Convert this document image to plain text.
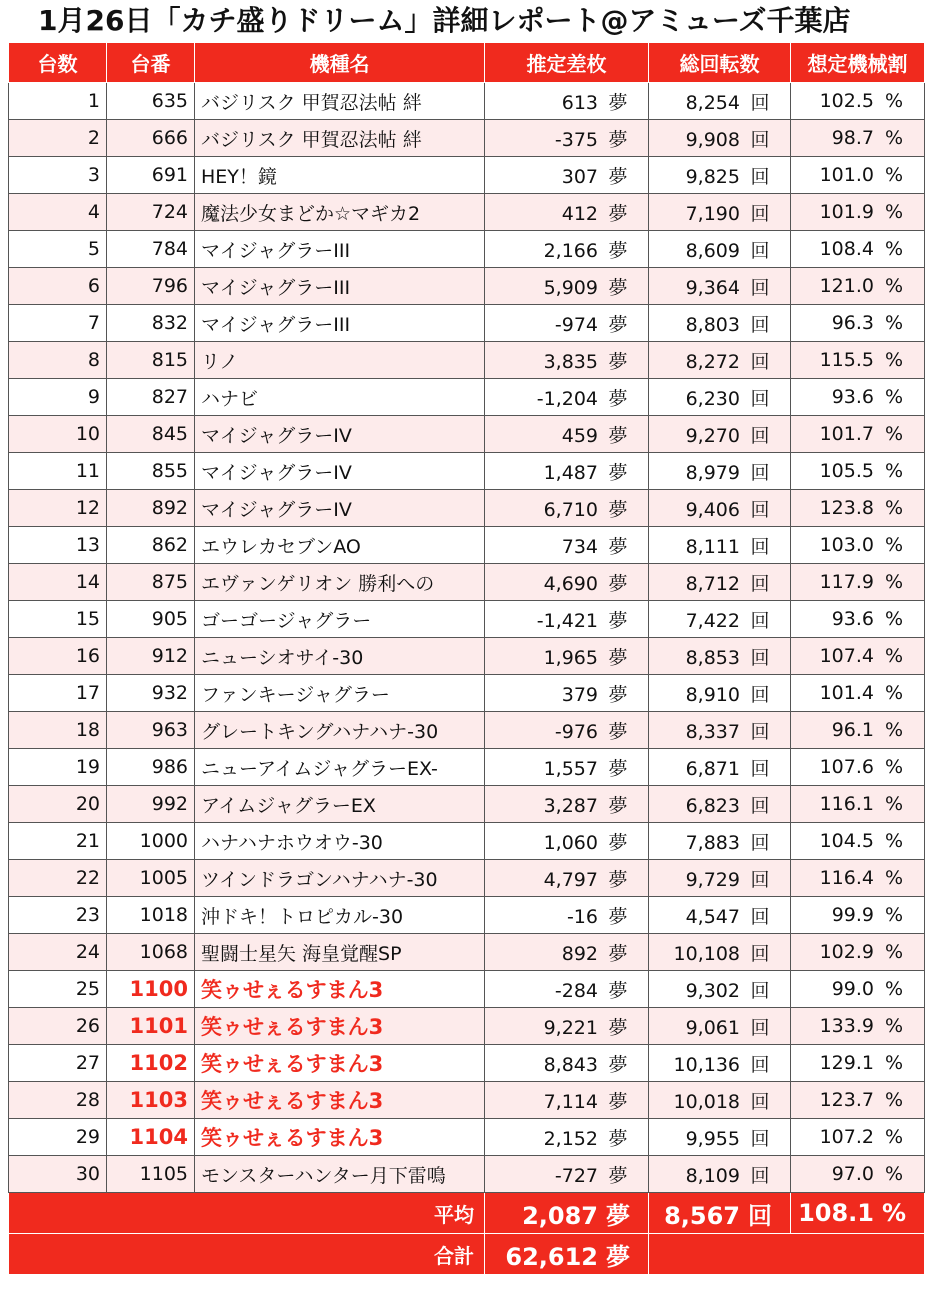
1月26日「カチ盛りドリーム」詳細レポート@アミューズ千葉店
台数	台番	機種名	推定差枚	総回転数	想定機械割
1	635	バジリスク 甲賀忍法帖 絆	613 夢	8,254 回	102.5 %
2	666	バジリスク 甲賀忍法帖 絆	-375 夢	9,908 回	98.7 %
3	691	HEY！鏡	307 夢	9,825 回	101.0 %
4	724	魔法少女まどか☆マギカ2	412 夢	7,190 回	101.9 %
5	784	マイジャグラーIII	2,166 夢	8,609 回	108.4 %
6	796	マイジャグラーIII	5,909 夢	9,364 回	121.0 %
7	832	マイジャグラーIII	-974 夢	8,803 回	96.3 %
8	815	リノ	3,835 夢	8,272 回	115.5 %
9	827	ハナビ	-1,204 夢	6,230 回	93.6 %
10	845	マイジャグラーIV	459 夢	9,270 回	101.7 %
11	855	マイジャグラーIV	1,487 夢	8,979 回	105.5 %
12	892	マイジャグラーIV	6,710 夢	9,406 回	123.8 %
13	862	エウレカセブンAO	734 夢	8,111 回	103.0 %
14	875	エヴァンゲリオン 勝利への	4,690 夢	8,712 回	117.9 %
15	905	ゴーゴージャグラー	-1,421 夢	7,422 回	93.6 %
16	912	ニューシオサイ-30	1,965 夢	8,853 回	107.4 %
17	932	ファンキージャグラー	379 夢	8,910 回	101.4 %
18	963	グレートキングハナハナ-30	-976 夢	8,337 回	96.1 %
19	986	ニューアイムジャグラーEX-	1,557 夢	6,871 回	107.6 %
20	992	アイムジャグラーEX	3,287 夢	6,823 回	116.1 %
21	1000	ハナハナホウオウ-30	1,060 夢	7,883 回	104.5 %
22	1005	ツインドラゴンハナハナ-30	4,797 夢	9,729 回	116.4 %
23	1018	沖ドキ！トロピカル-30	-16 夢	4,547 回	99.9 %
24	1068	聖闘士星矢 海皇覚醒SP	892 夢	10,108 回	102.9 %
25	1100	笑ゥせぇるすまん3	-284 夢	9,302 回	99.0 %
26	1101	笑ゥせぇるすまん3	9,221 夢	9,061 回	133.9 %
27	1102	笑ゥせぇるすまん3	8,843 夢	10,136 回	129.1 %
28	1103	笑ゥせぇるすまん3	7,114 夢	10,018 回	123.7 %
29	1104	笑ゥせぇるすまん3	2,152 夢	9,955 回	107.2 %
30	1105	モンスターハンター月下雷鳴	-727 夢	8,109 回	97.0 %
平均			2,087 夢	8,567 回	108.1 %
合計			62,612 夢		
